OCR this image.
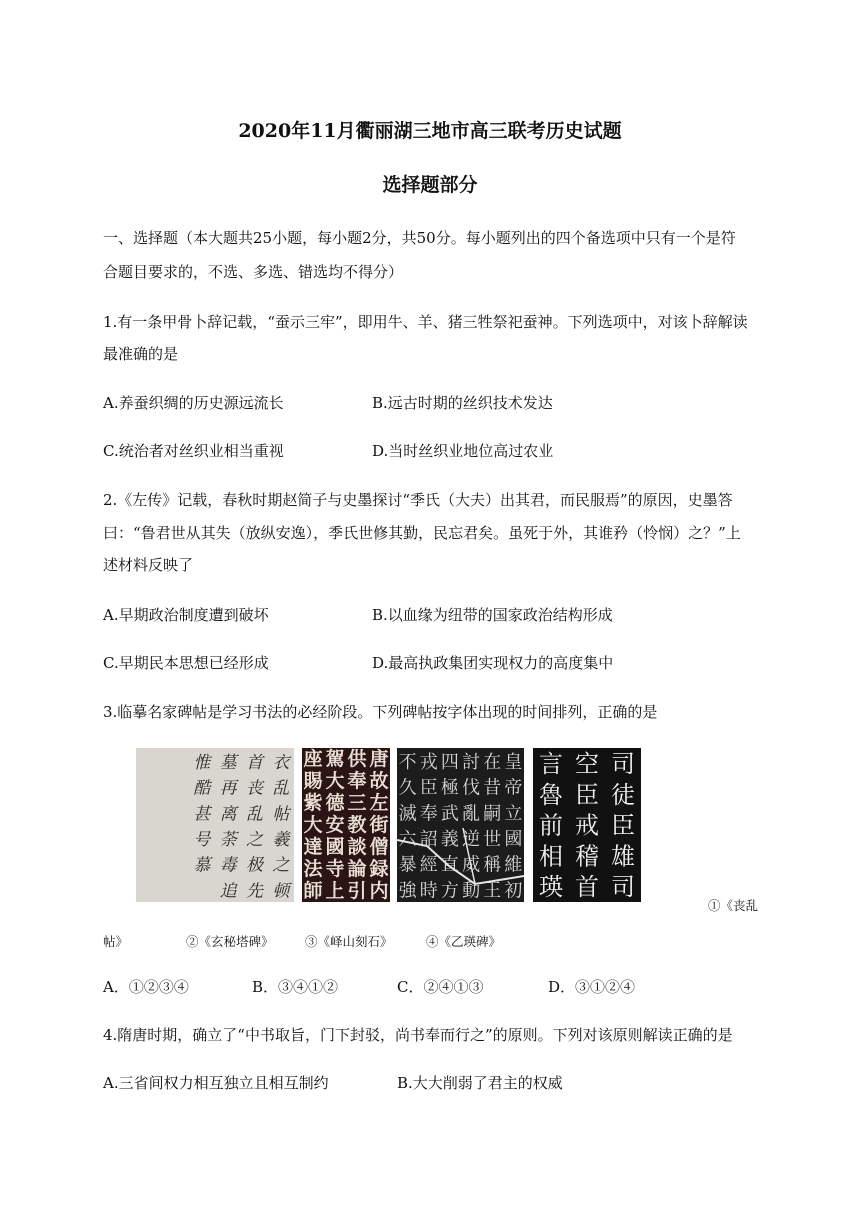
2020年11月衢丽湖三地市高三联考历史试题
选择题部分
一、选择题（本大题共25小题，每小题2分，共50分。每小题列出的四个备选项中只有一个是符
合题目要求的，不选、多选、错选均不得分）
1.有一条甲骨卜辞记载，“蚕示三牢”，即用牛、羊、猪三牲祭祀蚕神。下列选项中，对该卜辞解读
最准确的是
A.养蚕织绸的历史源远流长	B.远古时期的丝织技术发达
C.统治者对丝织业相当重视	D.当时丝织业地位高过农业
2.《左传》记载，春秋时期赵简子与史墨探讨“季氏（大夫）出其君，而民服焉”的原因，史墨答
曰：“鲁君世从其失（放纵安逸），季氏世修其勤，民忘君矣。虽死于外，其谁矜（怜悯）之？”上
述材料反映了
A.早期政治制度遭到破坏	B.以血缘为纽带的国家政治结构形成
C.早期民本思想已经形成	D.最高执政集团实现权力的高度集中
3.临摹名家碑帖是学习书法的必经阶段。下列碑帖按字体出现的时间排列，正确的是
衣
乱
帖
羲
之
顿
首
丧
乱
之
极
先
墓
再
离
荼
毒
追
惟
酷
甚
号
慕
唐
故
左
街
僧
録
内
供
奉
三
教
談
論
引
駕
大
德
安
國
寺
上
座
賜
紫
大
達
法
師
皇
帝
立
國
維
初
在
昔
嗣
世
稱
王
討
伐
亂
逆
威
動
四
極
武
義
直
方
戎
臣
奉
詔
經
時
不
久
滅
六
暴
強
司
徒
臣
雄
司
空
臣
戒
稽
首
言
魯
前
相
瑛
①《丧乱
帖》	②《玄秘塔碑》	③《峄山刻石》	④《乙瑛碑》
A．①②③④	B．③④①②	C．②④①③	D．③①②④
4.隋唐时期，确立了“中书取旨，门下封驳，尚书奉而行之”的原则。下列对该原则解读正确的是
A.三省间权力相互独立且相互制约	B.大大削弱了君主的权威
